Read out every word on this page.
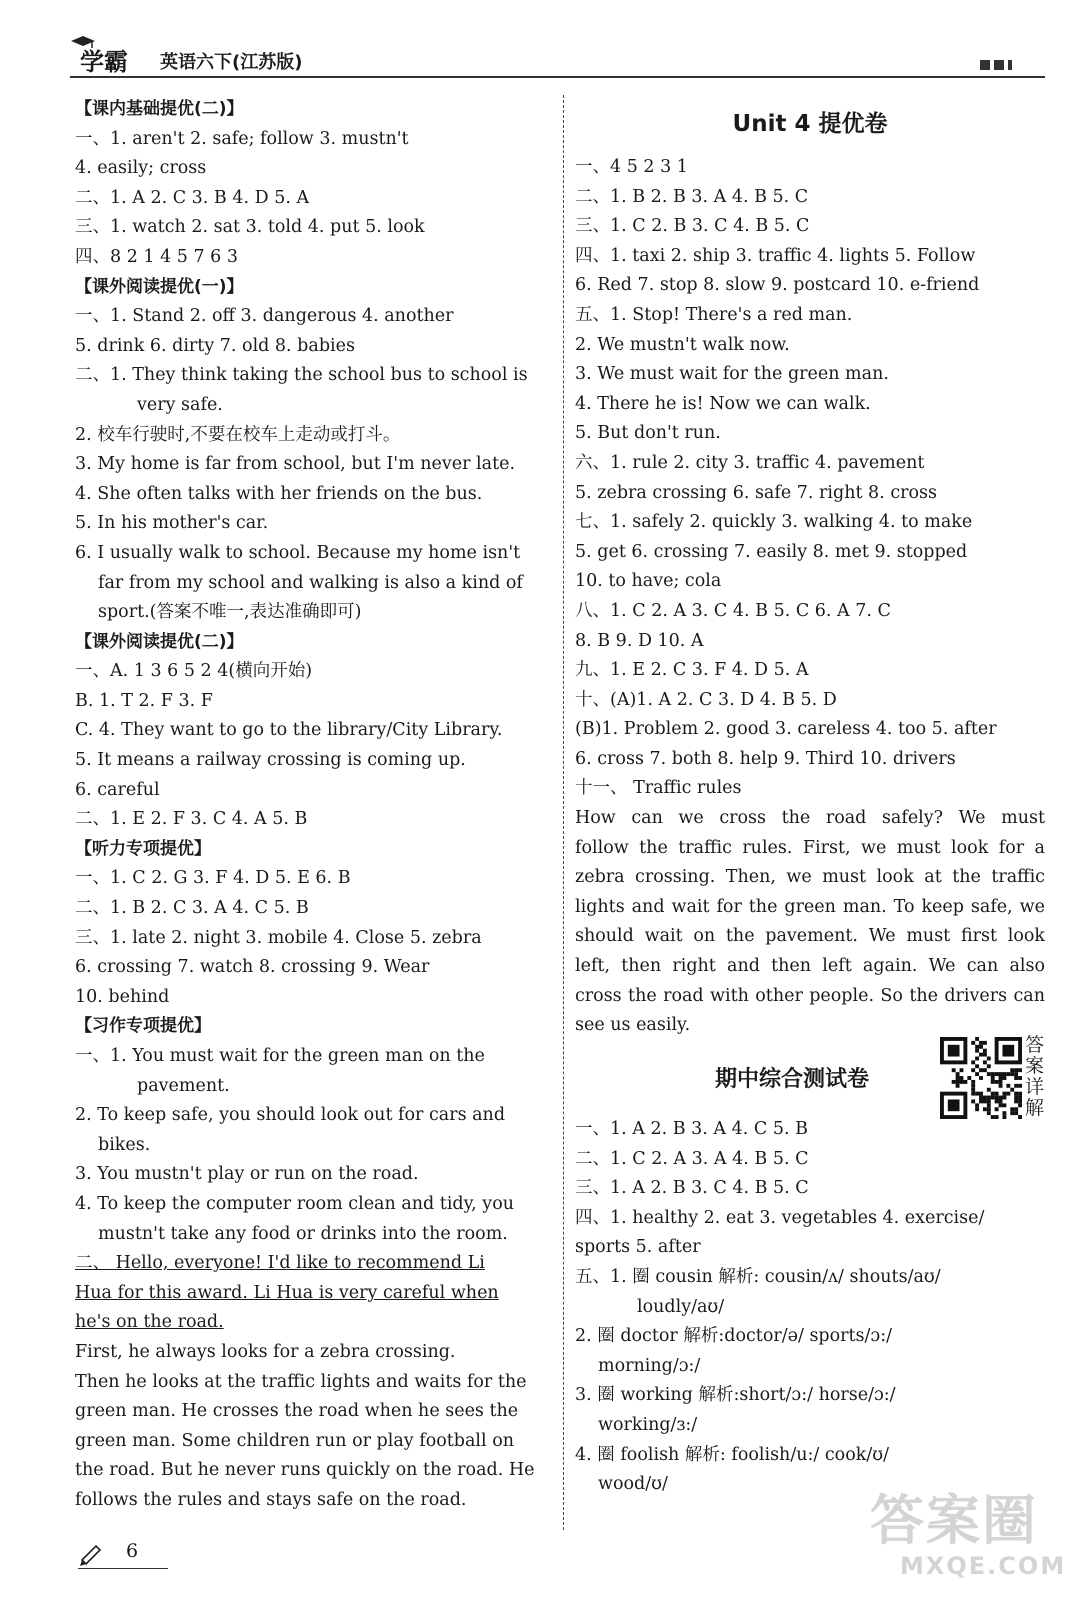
学霸 英语六下(江苏版)
【课内基础提优(二)】
一、1. aren't 2. safe; follow 3. mustn't
4. easily; cross
二、1. A 2. C 3. B 4. D 5. A
三、1. watch 2. sat 3. told 4. put 5. look
四、8 2 1 4 5 7 6 3
【课外阅读提优(一)】
一、1. Stand 2. off 3. dangerous 4. another
5. drink 6. dirty 7. old 8. babies
二、1. They think taking the school bus to school is
very safe.
2. 校车行驶时,不要在校车上走动或打斗。
3. My home is far from school, but I'm never late.
4. She often talks with her friends on the bus.
5. In his mother's car.
6. I usually walk to school. Because my home isn't
far from my school and walking is also a kind of
sport.(答案不唯一,表达准确即可)
【课外阅读提优(二)】
一、A. 1 3 6 5 2 4(横向开始)
B. 1. T 2. F 3. F
C. 4. They want to go to the library/City Library.
5. It means a railway crossing is coming up.
6. careful
二、1. E 2. F 3. C 4. A 5. B
【听力专项提优】
一、1. C 2. G 3. F 4. D 5. E 6. B
二、1. B 2. C 3. A 4. C 5. B
三、1. late 2. night 3. mobile 4. Close 5. zebra
6. crossing 7. watch 8. crossing 9. Wear
10. behind
【习作专项提优】
一、1. You must wait for the green man on the
pavement.
2. To keep safe, you should look out for cars and
bikes.
3. You mustn't play or run on the road.
4. To keep the computer room clean and tidy, you
mustn't take any food or drinks into the room.
二、 Hello, everyone! I'd like to recommend Li
Hua for this award. Li Hua is very careful when
he's on the road.
First, he always looks for a zebra crossing.
Then he looks at the traffic lights and waits for the
green man. He crosses the road when he sees the
green man. Some children run or play football on
the road. But he never runs quickly on the road. He
follows the rules and stays safe on the road.
Unit 4 提优卷
一、4 5 2 3 1
二、1. B 2. B 3. A 4. B 5. C
三、1. C 2. B 3. C 4. B 5. C
四、1. taxi 2. ship 3. traffic 4. lights 5. Follow
6. Red 7. stop 8. slow 9. postcard 10. e-friend
五、1. Stop! There's a red man.
2. We mustn't walk now.
3. We must wait for the green man.
4. There he is! Now we can walk.
5. But don't run.
六、1. rule 2. city 3. traffic 4. pavement
5. zebra crossing 6. safe 7. right 8. cross
七、1. safely 2. quickly 3. walking 4. to make
5. get 6. crossing 7. easily 8. met 9. stopped
10. to have; cola
八、1. C 2. A 3. C 4. B 5. C 6. A 7. C
8. B 9. D 10. A
九、1. E 2. C 3. F 4. D 5. A
十、(A)1. A 2. C 3. D 4. B 5. D
(B)1. Problem 2. good 3. careless 4. too 5. after
6. cross 7. both 8. help 9. Third 10. drivers
十一、 Traffic rules
How can we cross the road safely? We must
follow the traffic rules. First, we must look for a
zebra crossing. Then, we must look at the traffic
lights and wait for the green man. To keep safe, we
should wait on the pavement. We must first look
left, then right and then left again. We can also
cross the road with other people. So the drivers can
see us easily.
期中综合测试卷
答案详解
一、1. A 2. B 3. A 4. C 5. B
二、1. C 2. A 3. A 4. B 5. C
三、1. A 2. B 3. C 4. B 5. C
四、1. healthy 2. eat 3. vegetables 4. exercise/
sports 5. after
五、1. 圈 cousin 解析: cousin/ʌ/ shouts/aʊ/
loudly/aʊ/
2. 圈 doctor 解析:doctor/ə/ sports/ɔ:/
morning/ɔ:/
3. 圈 working 解析:short/ɔ:/ horse/ɔ:/
working/ɜ:/
4. 圈 foolish 解析: foolish/u:/ cook/ʊ/
wood/ʊ/
6	答案圈
MXQE.COM
